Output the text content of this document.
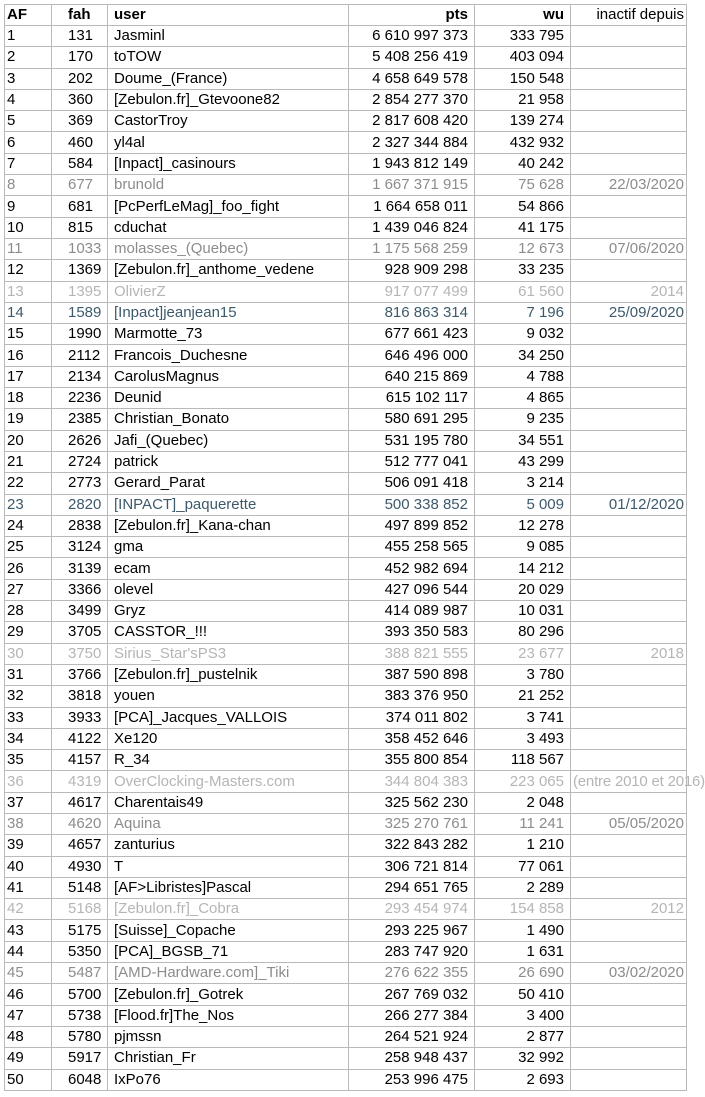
AF	fah	user	pts	wu	inactif depuis
1	131	Jasminl	6 610 997 373	333 795	
2	170	toTOW	5 408 256 419	403 094	
3	202	Doume_(France)	4 658 649 578	150 548	
4	360	[Zebulon.fr]_Gtevoone82	2 854 277 370	21 958	
5	369	CastorTroy	2 817 608 420	139 274	
6	460	yl4al	2 327 344 884	432 932	
7	584	[Inpact]_casinours	1 943 812 149	40 242	
8	677	brunold	1 667 371 915	75 628	22/03/2020
9	681	[PcPerfLeMag]_foo_fight	1 664 658 011	54 866	
10	815	cduchat	1 439 046 824	41 175	
11	1033	molasses_(Quebec)	1 175 568 259	12 673	07/06/2020
12	1369	[Zebulon.fr]_anthome_vedene	928 909 298	33 235	
13	1395	OlivierZ	917 077 499	61 560	2014
14	1589	[Inpact]jeanjean15	816 863 314	7 196	25/09/2020
15	1990	Marmotte_73	677 661 423	9 032	
16	2112	Francois_Duchesne	646 496 000	34 250	
17	2134	CarolusMagnus	640 215 869	4 788	
18	2236	Deunid	615 102 117	4 865	
19	2385	Christian_Bonato	580 691 295	9 235	
20	2626	Jafi_(Quebec)	531 195 780	34 551	
21	2724	patrick	512 777 041	43 299	
22	2773	Gerard_Parat	506 091 418	3 214	
23	2820	[INPACT]_paquerette	500 338 852	5 009	01/12/2020
24	2838	[Zebulon.fr]_Kana-chan	497 899 852	12 278	
25	3124	gma	455 258 565	9 085	
26	3139	ecam	452 982 694	14 212	
27	3366	olevel	427 096 544	20 029	
28	3499	Gryz	414 089 987	10 031	
29	3705	CASSTOR_!!!	393 350 583	80 296	
30	3750	Sirius_Star'sPS3	388 821 555	23 677	2018
31	3766	[Zebulon.fr]_pustelnik	387 590 898	3 780	
32	3818	youen	383 376 950	21 252	
33	3933	[PCA]_Jacques_VALLOIS	374 011 802	3 741	
34	4122	Xe120	358 452 646	3 493	
35	4157	R_34	355 800 854	118 567	
36	4319	OverClocking-Masters.com	344 804 383	223 065	(entre 2010 et 2016)
37	4617	Charentais49	325 562 230	2 048	
38	4620	Aquina	325 270 761	11 241	05/05/2020
39	4657	zanturius	322 843 282	1 210	
40	4930	T	306 721 814	77 061	
41	5148	[AF>Libristes]Pascal	294 651 765	2 289	
42	5168	[Zebulon.fr]_Cobra	293 454 974	154 858	2012
43	5175	[Suisse]_Copache	293 225 967	1 490	
44	5350	[PCA]_BGSB_71	283 747 920	1 631	
45	5487	[AMD-Hardware.com]_Tiki	276 622 355	26 690	03/02/2020
46	5700	[Zebulon.fr]_Gotrek	267 769 032	50 410	
47	5738	[Flood.fr]The_Nos	266 277 384	3 400	
48	5780	pjmssn	264 521 924	2 877	
49	5917	Christian_Fr	258 948 437	32 992	
50	6048	IxPo76	253 996 475	2 693	
